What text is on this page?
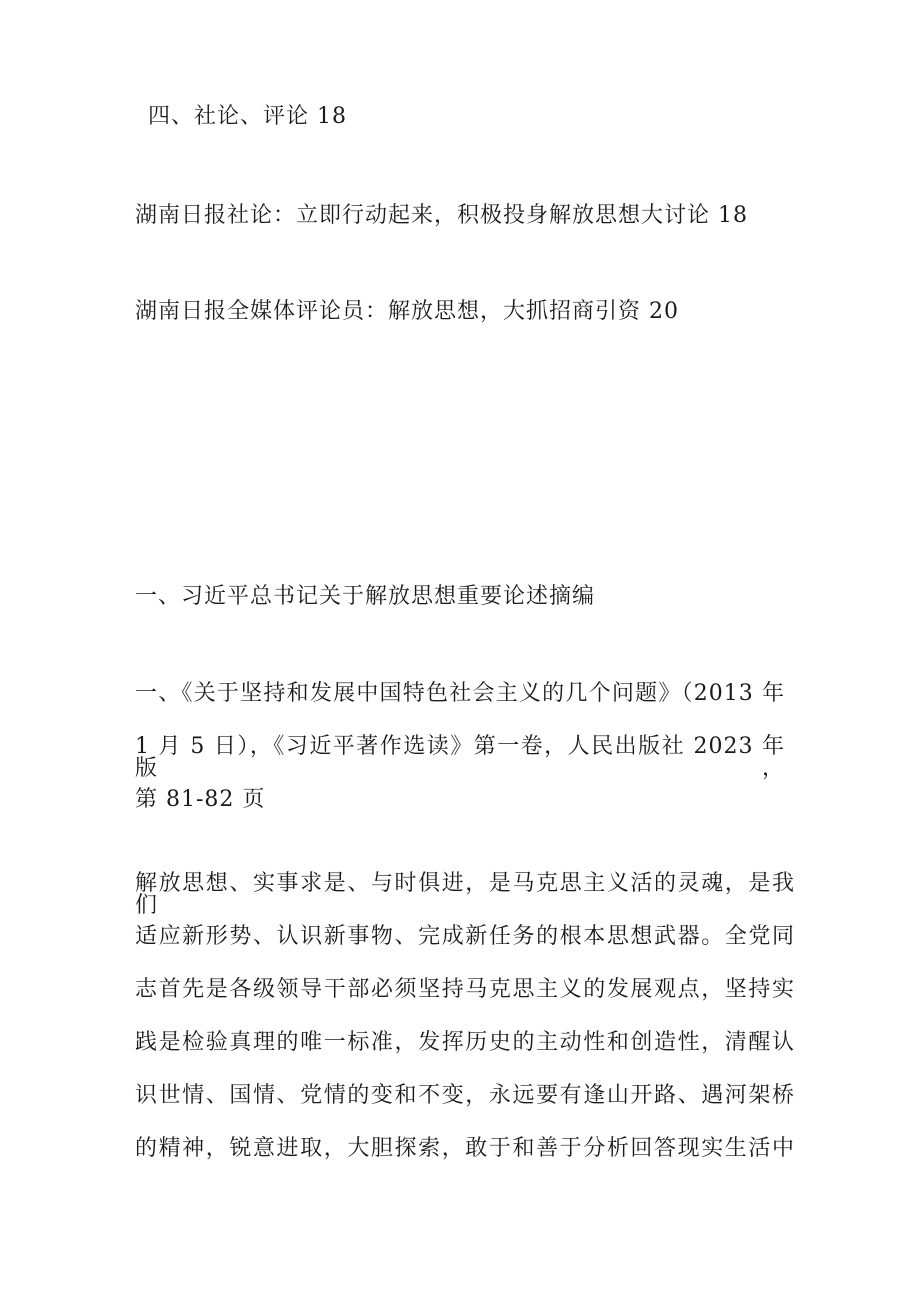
四、社论、评论 18
湖南日报社论：立即行动起来，积极投身解放思想大讨论 18
湖南日报全媒体评论员：解放思想，大抓招商引资 20
一、习近平总书记关于解放思想重要论述摘编
一、《关于坚持和发展中国特色社会主义的几个问题》（2013 年
1 月 5 日），《习近平著作选读》第一卷，人民出版社 2023 年版，
第 81-82 页
解放思想、实事求是、与时俱进，是马克思主义活的灵魂，是我们
适应新形势、认识新事物、完成新任务的根本思想武器。全党同
志首先是各级领导干部必须坚持马克思主义的发展观点，坚持实
践是检验真理的唯一标准，发挥历史的主动性和创造性，清醒认
识世情、国情、党情的变和不变，永远要有逢山开路、遇河架桥
的精神，锐意进取，大胆探索，敢于和善于分析回答现实生活中
